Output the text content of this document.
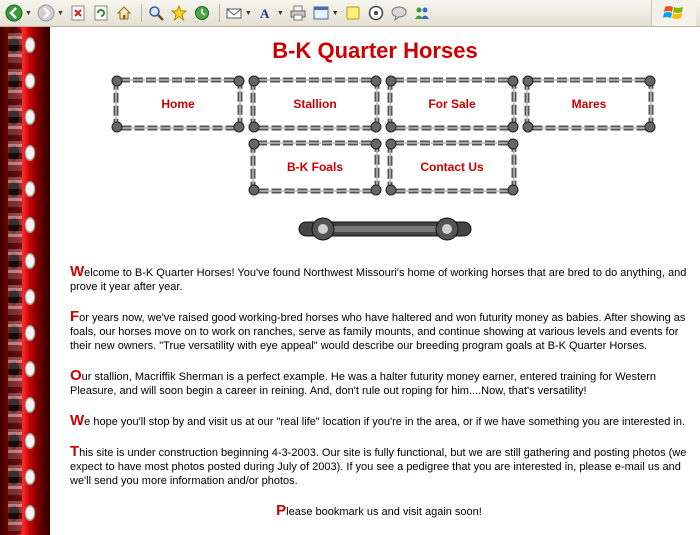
▼	▼	▼ A ▼	▼
B-K Quarter Horses
Home	Stallion	For Sale	Mares
B-K Foals	Contact Us

Welcome to B-K Quarter Horses! You've found Northwest Missouri's home of working horses that are bred to do anything, and prove it year after year.

For years now, we've raised good working-bred horses who have haltered and won futurity money as babies. After showing as foals, our horses move on to work on ranches, serve as family mounts, and continue showing at various levels and events for their new owners. "True versatility with eye appeal" would describe our breeding program goals at B-K Quarter Horses.

Our stallion, Macriffik Sherman is a perfect example. He was a halter futurity money earner, entered training for Western Pleasure, and will soon begin a career in reining. And, don't rule out roping for him....Now, that's versatility!

We hope you'll stop by and visit us at our "real life" location if you're in the area, or if we have something you are interested in.

This site is under construction beginning 4-3-2003. Our site is fully functional, but we are still gathering and posting photos (we expect to have most photos posted during July of 2003). If you see a pedigree that you are interested in, please e-mail us and we'll send you more information and/or photos.

Please bookmark us and visit again soon!
